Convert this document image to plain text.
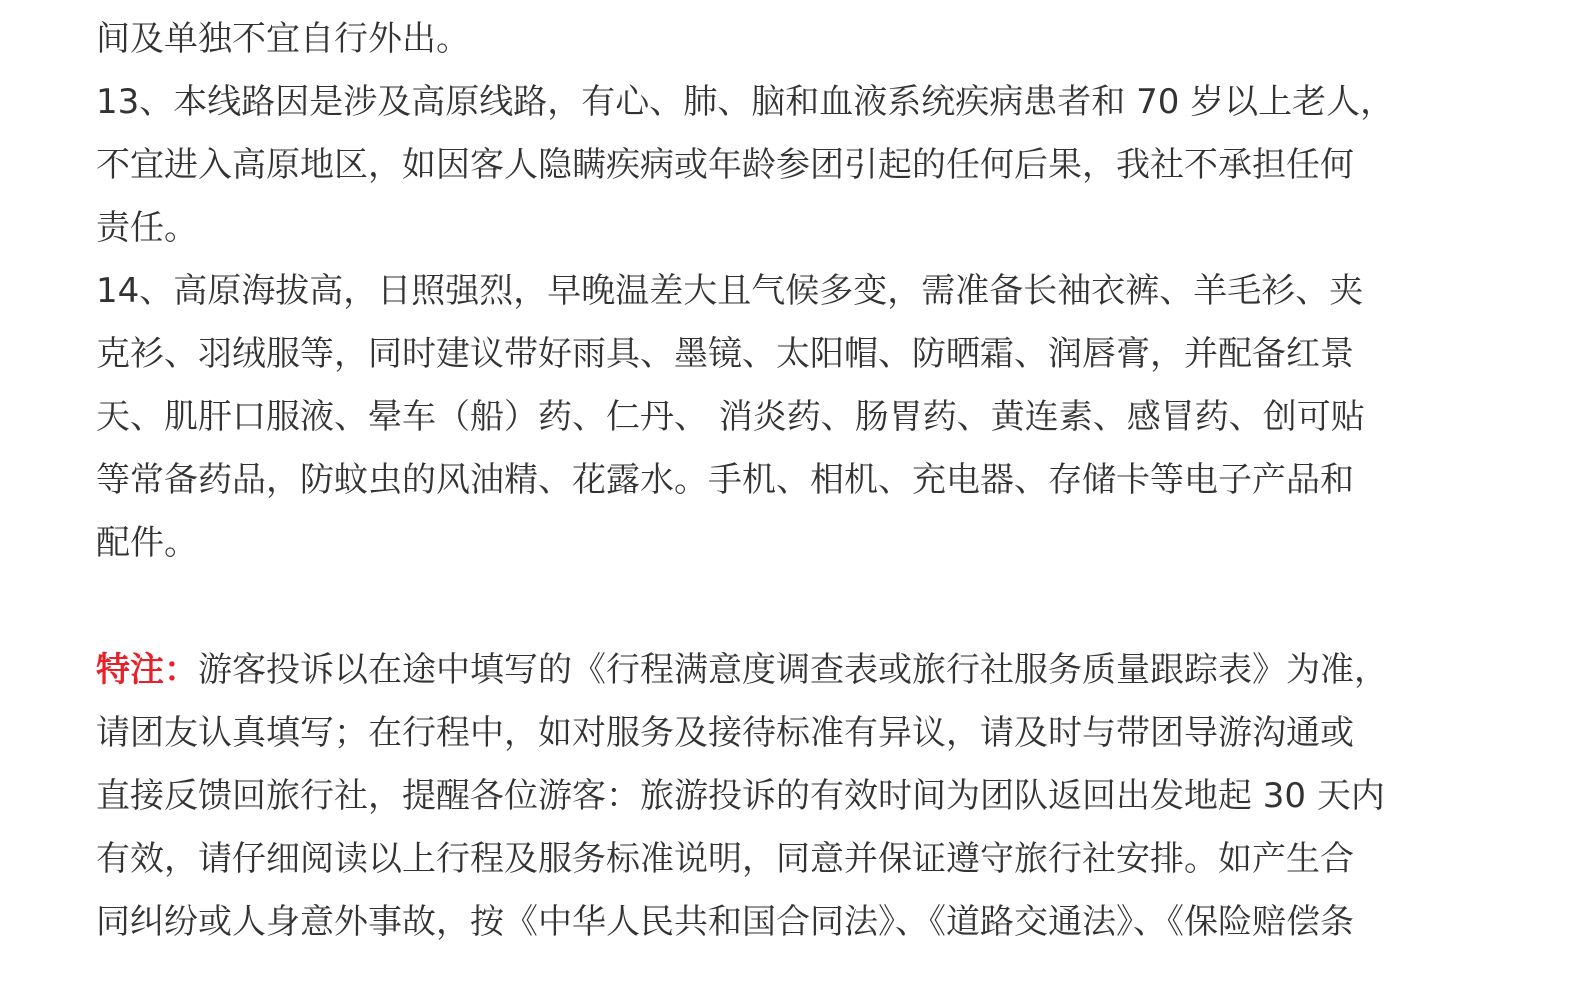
间及单独不宜自行外出。
13、本线路因是涉及高原线路，有心、肺、脑和血液系统疾病患者和 70 岁以上老人，
不宜进入高原地区，如因客人隐瞒疾病或年龄参团引起的任何后果，我社不承担任何
责任。
14、高原海拔高，日照强烈，早晚温差大且气候多变，需准备长袖衣裤、羊毛衫、夹
克衫、羽绒服等，同时建议带好雨具、墨镜、太阳帽、防晒霜、润唇膏，并配备红景
天、肌肝口服液、晕车（船）药、仁丹、 消炎药、肠胃药、黄连素、感冒药、创可贴
等常备药品，防蚊虫的风油精、花露水。手机、相机、充电器、存储卡等电子产品和
配件。
特注：游客投诉以在途中填写的《行程满意度调查表或旅行社服务质量跟踪表》为准，
请团友认真填写；在行程中，如对服务及接待标准有异议，请及时与带团导游沟通或
直接反馈回旅行社，提醒各位游客：旅游投诉的有效时间为团队返回出发地起 30 天内
有效，请仔细阅读以上行程及服务标准说明，同意并保证遵守旅行社安排。如产生合
同纠纷或人身意外事故，按《中华人民共和国合同法》、《道路交通法》、《保险赔偿条
